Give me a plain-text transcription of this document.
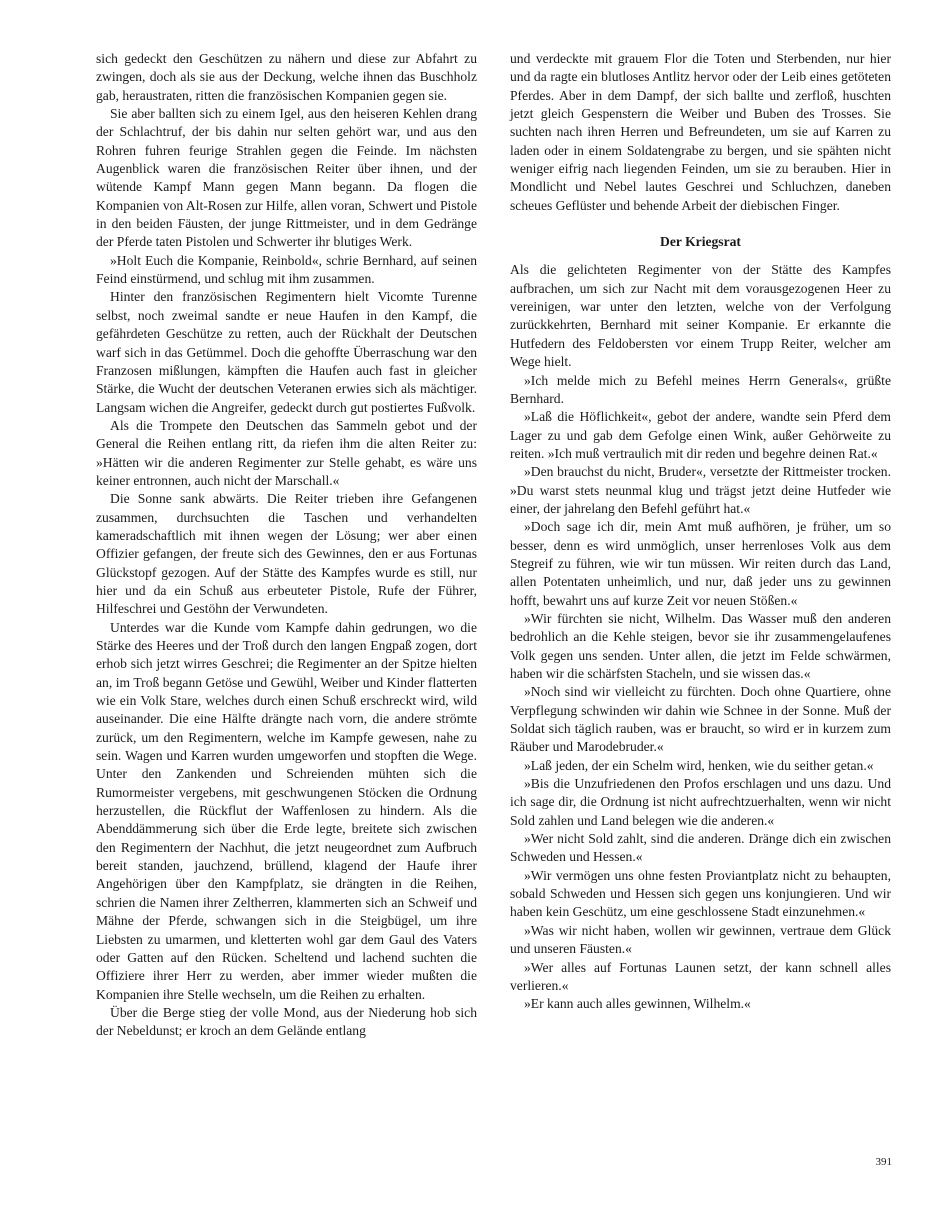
sich gedeckt den Geschützen zu nähern und diese zur Abfahrt zu zwingen, doch als sie aus der Deckung, welche ihnen das Buschholz gab, heraustraten, ritten die französischen Kompanien gegen sie.

Sie aber ballten sich zu einem Igel, aus den heiseren Kehlen drang der Schlachtruf, der bis dahin nur selten gehört war, und aus den Rohren fuhren feurige Strahlen gegen die Feinde. Im nächsten Augenblick waren die französischen Reiter über ihnen, und der wütende Kampf Mann gegen Mann begann. Da flogen die Kompanien von Alt-Rosen zur Hilfe, allen voran, Schwert und Pistole in den beiden Fäusten, der junge Rittmeister, und in dem Gedränge der Pferde taten Pistolen und Schwerter ihr blutiges Werk.

»Holt Euch die Kompanie, Reinbold«, schrie Bernhard, auf seinen Feind einstürmend, und schlug mit ihm zusammen.

Hinter den französischen Regimentern hielt Vicomte Turenne selbst, noch zweimal sandte er neue Haufen in den Kampf, die gefährdeten Geschütze zu retten, auch der Rückhalt der Deutschen warf sich in das Getümmel. Doch die gehoffte Überraschung war den Franzosen mißlungen, kämpften die Haufen auch fast in gleicher Stärke, die Wucht der deutschen Veteranen erwies sich als mächtiger. Langsam wichen die Angreifer, gedeckt durch gut postiertes Fußvolk.

Als die Trompete den Deutschen das Sammeln gebot und der General die Reihen entlang ritt, da riefen ihm die alten Reiter zu: »Hätten wir die anderen Regimenter zur Stelle gehabt, es wäre uns keiner entronnen, auch nicht der Marschall.«

Die Sonne sank abwärts. Die Reiter trieben ihre Gefangenen zusammen, durchsuchten die Taschen und verhandelten kameradschaftlich mit ihnen wegen der Lösung; wer aber einen Offizier gefangen, der freute sich des Gewinnes, den er aus Fortunas Glückstopf gezogen. Auf der Stätte des Kampfes wurde es still, nur hier und da ein Schuß aus erbeuteter Pistole, Rufe der Führer, Hilfeschrei und Gestöhn der Verwundeten.

Unterdes war die Kunde vom Kampfe dahin gedrungen, wo die Stärke des Heeres und der Troß durch den langen Engpaß zogen, dort erhob sich jetzt wirres Geschrei; die Regimenter an der Spitze hielten an, im Troß begann Getöse und Gewühl, Weiber und Kinder flatterten wie ein Volk Stare, welches durch einen Schuß erschreckt wird, wild auseinander. Die eine Hälfte drängte nach vorn, die andere strömte zurück, um den Regimentern, welche im Kampfe gewesen, nahe zu sein. Wagen und Karren wurden umgeworfen und stopften die Wege. Unter den Zankenden und Schreienden mühten sich die Rumormeister vergebens, mit geschwungenen Stöcken die Ordnung herzustellen, die Rückflut der Waffenlosen zu hindern. Als die Abenddämmerung sich über die Erde legte, breitete sich zwischen den Regimentern der Nachhut, die jetzt neugeordnet zum Aufbruch bereit standen, jauchzend, brüllend, klagend der Haufe ihrer Angehörigen über den Kampfplatz, sie drängten in die Reihen, schrien die Namen ihrer Zeltherren, klammerten sich an Schweif und Mähne der Pferde, schwangen sich in die Steigbügel, um ihre Liebsten zu umarmen, und kletterten wohl gar dem Gaul des Vaters oder Gatten auf den Rücken. Scheltend und lachend suchten die Offiziere ihrer Herr zu werden, aber immer wieder mußten die Kompanien ihre Stelle wechseln, um die Reihen zu erhalten.

Über die Berge stieg der volle Mond, aus der Niederung hob sich der Nebeldunst; er kroch an dem Gelände entlang

und verdeckte mit grauem Flor die Toten und Sterbenden, nur hier und da ragte ein blutloses Antlitz hervor oder der Leib eines getöteten Pferdes. Aber in dem Dampf, der sich ballte und zerfloß, huschten jetzt gleich Gespenstern die Weiber und Buben des Trosses. Sie suchten nach ihren Herren und Befreundeten, um sie auf Karren zu laden oder in einem Soldatengrabe zu bergen, und sie spähten nicht weniger eifrig nach liegenden Feinden, um sie zu berauben. Hier in Mondlicht und Nebel lautes Geschrei und Schluchzen, daneben scheues Geflüster und behende Arbeit der diebischen Finger.

Der Kriegsrat

Als die gelichteten Regimenter von der Stätte des Kampfes aufbrachen, um sich zur Nacht mit dem vorausgezogenen Heer zu vereinigen, war unter den letzten, welche von der Verfolgung zurückkehrten, Bernhard mit seiner Kompanie. Er erkannte die Hutfedern des Feldobersten vor einem Trupp Reiter, welcher am Wege hielt.

»Ich melde mich zu Befehl meines Herrn Generals«, grüßte Bernhard.

»Laß die Höflichkeit«, gebot der andere, wandte sein Pferd dem Lager zu und gab dem Gefolge einen Wink, außer Gehörweite zu reiten. »Ich muß vertraulich mit dir reden und begehre deinen Rat.«

»Den brauchst du nicht, Bruder«, versetzte der Rittmeister trocken. »Du warst stets neunmal klug und trägst jetzt deine Hutfeder wie einer, der jahrelang den Befehl geführt hat.«

»Doch sage ich dir, mein Amt muß aufhören, je früher, um so besser, denn es wird unmöglich, unser herrenloses Volk aus dem Stegreif zu führen, wie wir tun müssen. Wir reiten durch das Land, allen Potentaten unheimlich, und nur, daß jeder uns zu gewinnen hofft, bewahrt uns auf kurze Zeit vor neuen Stößen.«

»Wir fürchten sie nicht, Wilhelm. Das Wasser muß den anderen bedrohlich an die Kehle steigen, bevor sie ihr zusammengelaufenes Volk gegen uns senden. Unter allen, die jetzt im Felde schwärmen, haben wir die schärfsten Stacheln, und sie wissen das.«

»Noch sind wir vielleicht zu fürchten. Doch ohne Quartiere, ohne Verpflegung schwinden wir dahin wie Schnee in der Sonne. Muß der Soldat sich täglich rauben, was er braucht, so wird er in kurzem zum Räuber und Marodebruder.«

»Laß jeden, der ein Schelm wird, henken, wie du seither getan.«

»Bis die Unzufriedenen den Profos erschlagen und uns dazu. Und ich sage dir, die Ordnung ist nicht aufrechtzuerhalten, wenn wir nicht Sold zahlen und Land belegen wie die anderen.«

»Wer nicht Sold zahlt, sind die anderen. Dränge dich ein zwischen Schweden und Hessen.«

»Wir vermögen uns ohne festen Proviantplatz nicht zu behaupten, sobald Schweden und Hessen sich gegen uns konjungieren. Und wir haben kein Geschütz, um eine geschlossene Stadt einzunehmen.«

»Was wir nicht haben, wollen wir gewinnen, vertraue dem Glück und unseren Fäusten.«

»Wer alles auf Fortunas Launen setzt, der kann schnell alles verlieren.«

»Er kann auch alles gewinnen, Wilhelm.«

391
